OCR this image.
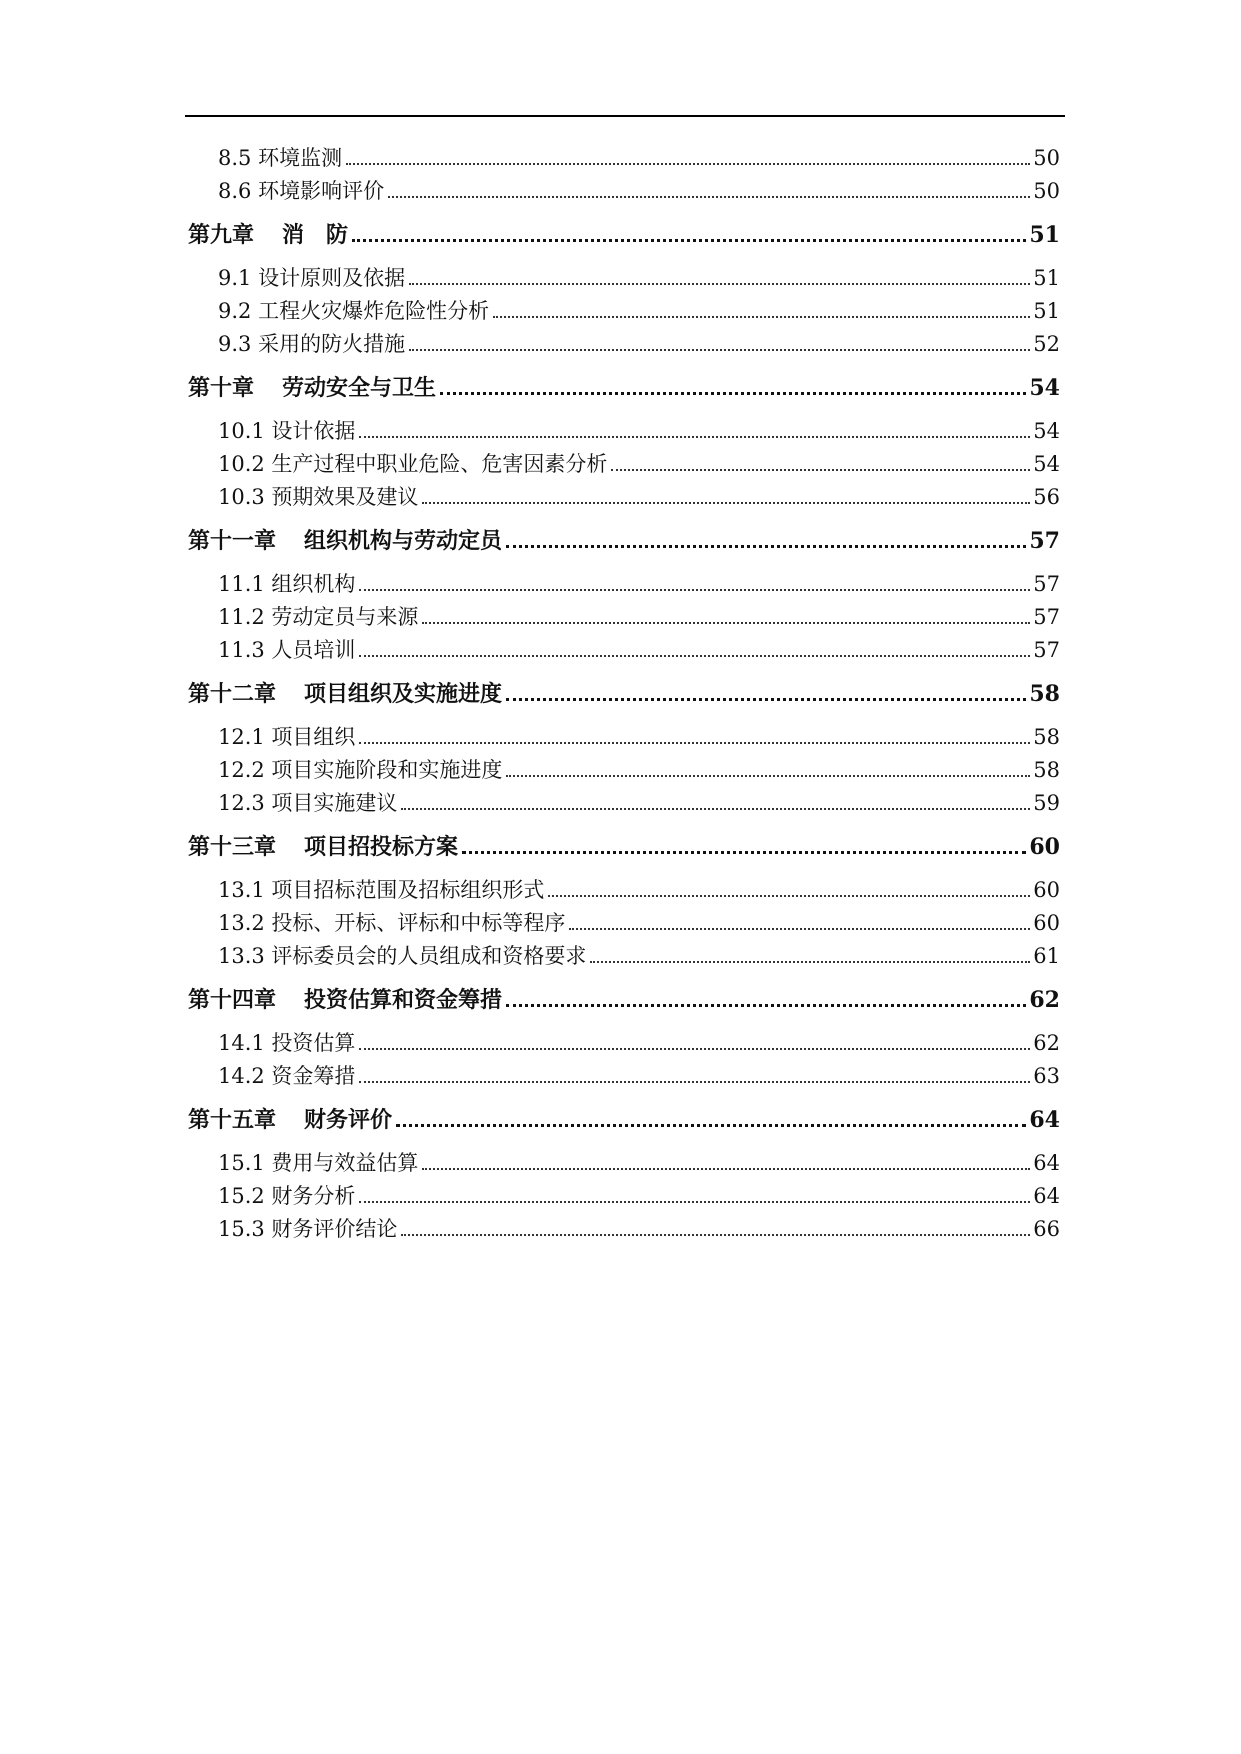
8.5 环境监测	50
8.6 环境影响评价	50
第九章 消　防	51
9.1 设计原则及依据	51
9.2 工程火灾爆炸危险性分析	51
9.3 采用的防火措施	52
第十章 劳动安全与卫生	54
10.1 设计依据	54
10.2 生产过程中职业危险、危害因素分析	54
10.3 预期效果及建议	56
第十一章 组织机构与劳动定员	57
11.1 组织机构	57
11.2 劳动定员与来源	57
11.3 人员培训	57
第十二章 项目组织及实施进度	58
12.1 项目组织	58
12.2 项目实施阶段和实施进度	58
12.3 项目实施建议	59
第十三章 项目招投标方案	60
13.1 项目招标范围及招标组织形式	60
13.2 投标、开标、评标和中标等程序	60
13.3 评标委员会的人员组成和资格要求	61
第十四章 投资估算和资金筹措	62
14.1 投资估算	62
14.2 资金筹措	63
第十五章 财务评价	64
15.1 费用与效益估算	64
15.2 财务分析	64
15.3 财务评价结论	66
